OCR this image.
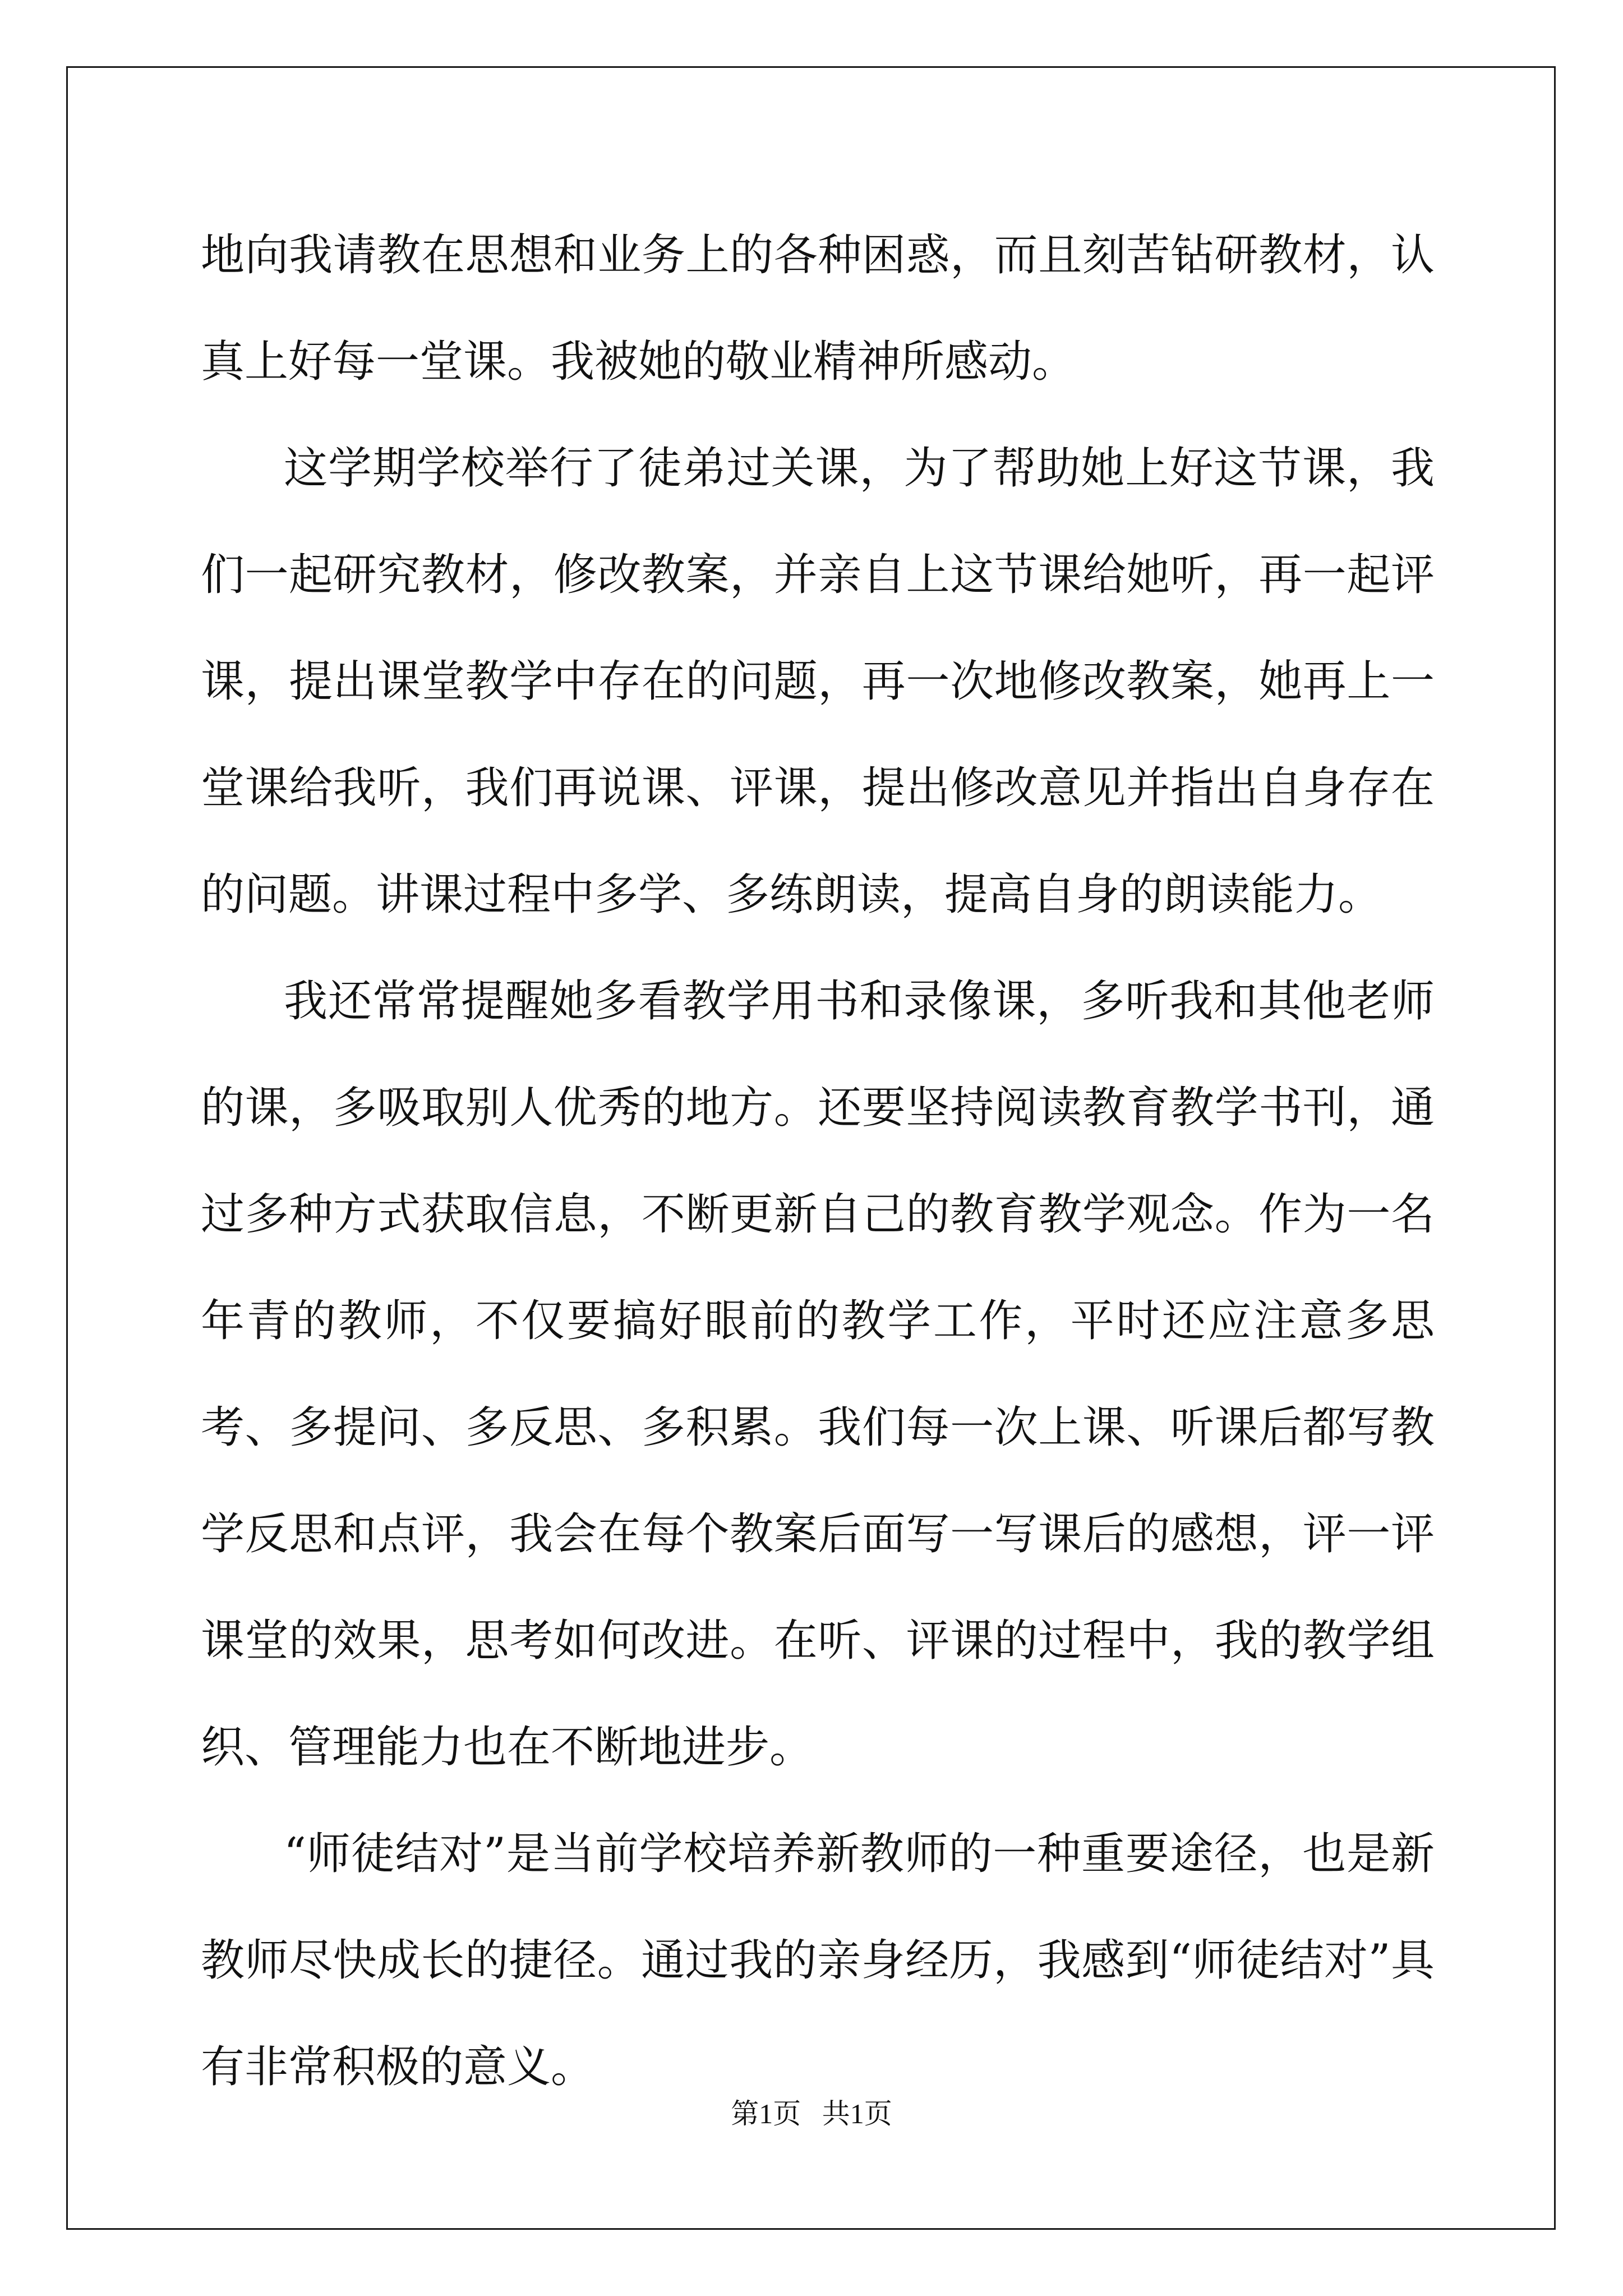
地向我请教在思想和业务上的各种困惑，而且刻苦钻研教材，认真上好每一堂课。我被她的敬业精神所感动。

这学期学校举行了徒弟过关课，为了帮助她上好这节课，我们一起研究教材，修改教案，并亲自上这节课给她听，再一起评课，提出课堂教学中存在的问题，再一次地修改教案，她再上一堂课给我听，我们再说课、评课，提出修改意见并指出自身存在的问题。讲课过程中多学、多练朗读，提高自身的朗读能力。

我还常常提醒她多看教学用书和录像课，多听我和其他老师的课，多吸取别人优秀的地方。还要坚持阅读教育教学书刊，通过多种方式获取信息，不断更新自己的教育教学观念。作为一名年青的教师，不仅要搞好眼前的教学工作，平时还应注意多思考、多提问、多反思、多积累。我们每一次上课、听课后都写教学反思和点评，我会在每个教案后面写一写课后的感想，评一评课堂的效果，思考如何改进。在听、评课的过程中，我的教学组织、管理能力也在不断地进步。

“师徒结对”是当前学校培养新教师的一种重要途径，也是新教师尽快成长的捷径。通过我的亲身经历，我感到“师徒结对”具有非常积极的意义。

第1页   共1页
